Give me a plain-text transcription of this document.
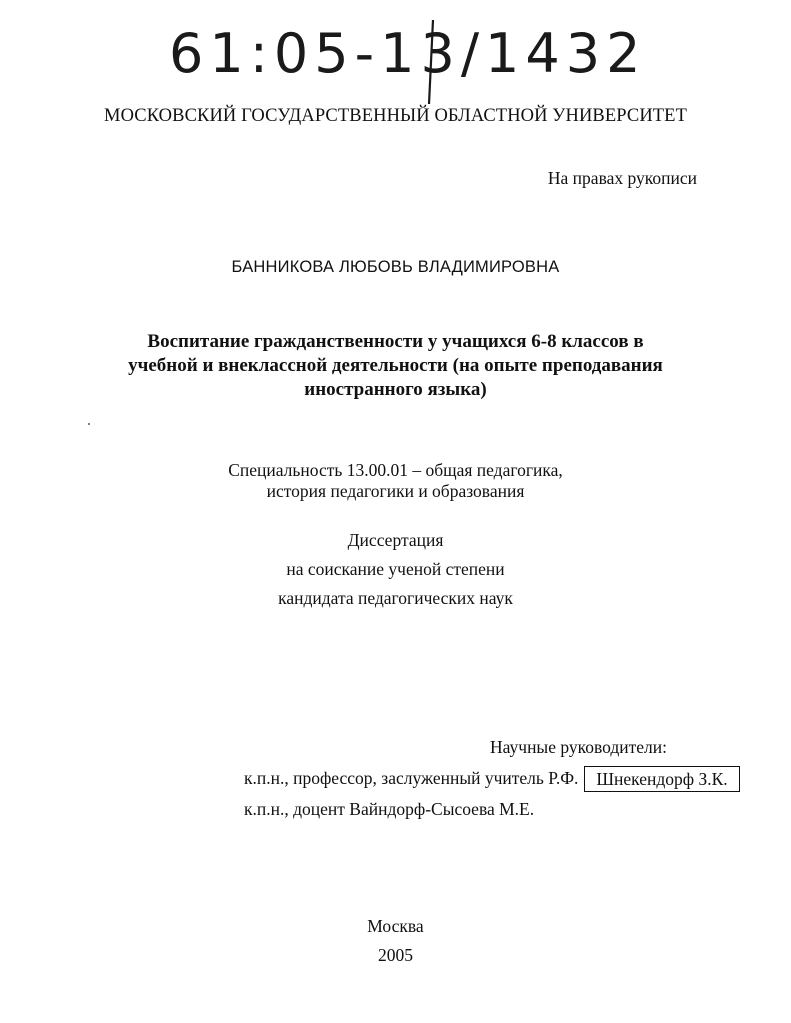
61:05-13/1432
МОСКОВСКИЙ ГОСУДАРСТВЕННЫЙ ОБЛАСТНОЙ УНИВЕРСИТЕТ
На правах рукописи
БАННИКОВА ЛЮБОВЬ ВЛАДИМИРОВНА
Воспитание гражданственности у учащихся 6-8 классов в
учебной и внеклассной деятельности (на опыте преподавания
иностранного языка)
Специальность 13.00.01 – общая педагогика,
история педагогики и образования
Диссертация
на соискание ученой степени
кандидата педагогических наук
Научные руководители:
к.п.н., профессор, заслуженный учитель Р.Ф.	Шнекендорф З.К.
к.п.н., доцент Вайндорф-Сысоева М.Е.
Москва
2005
